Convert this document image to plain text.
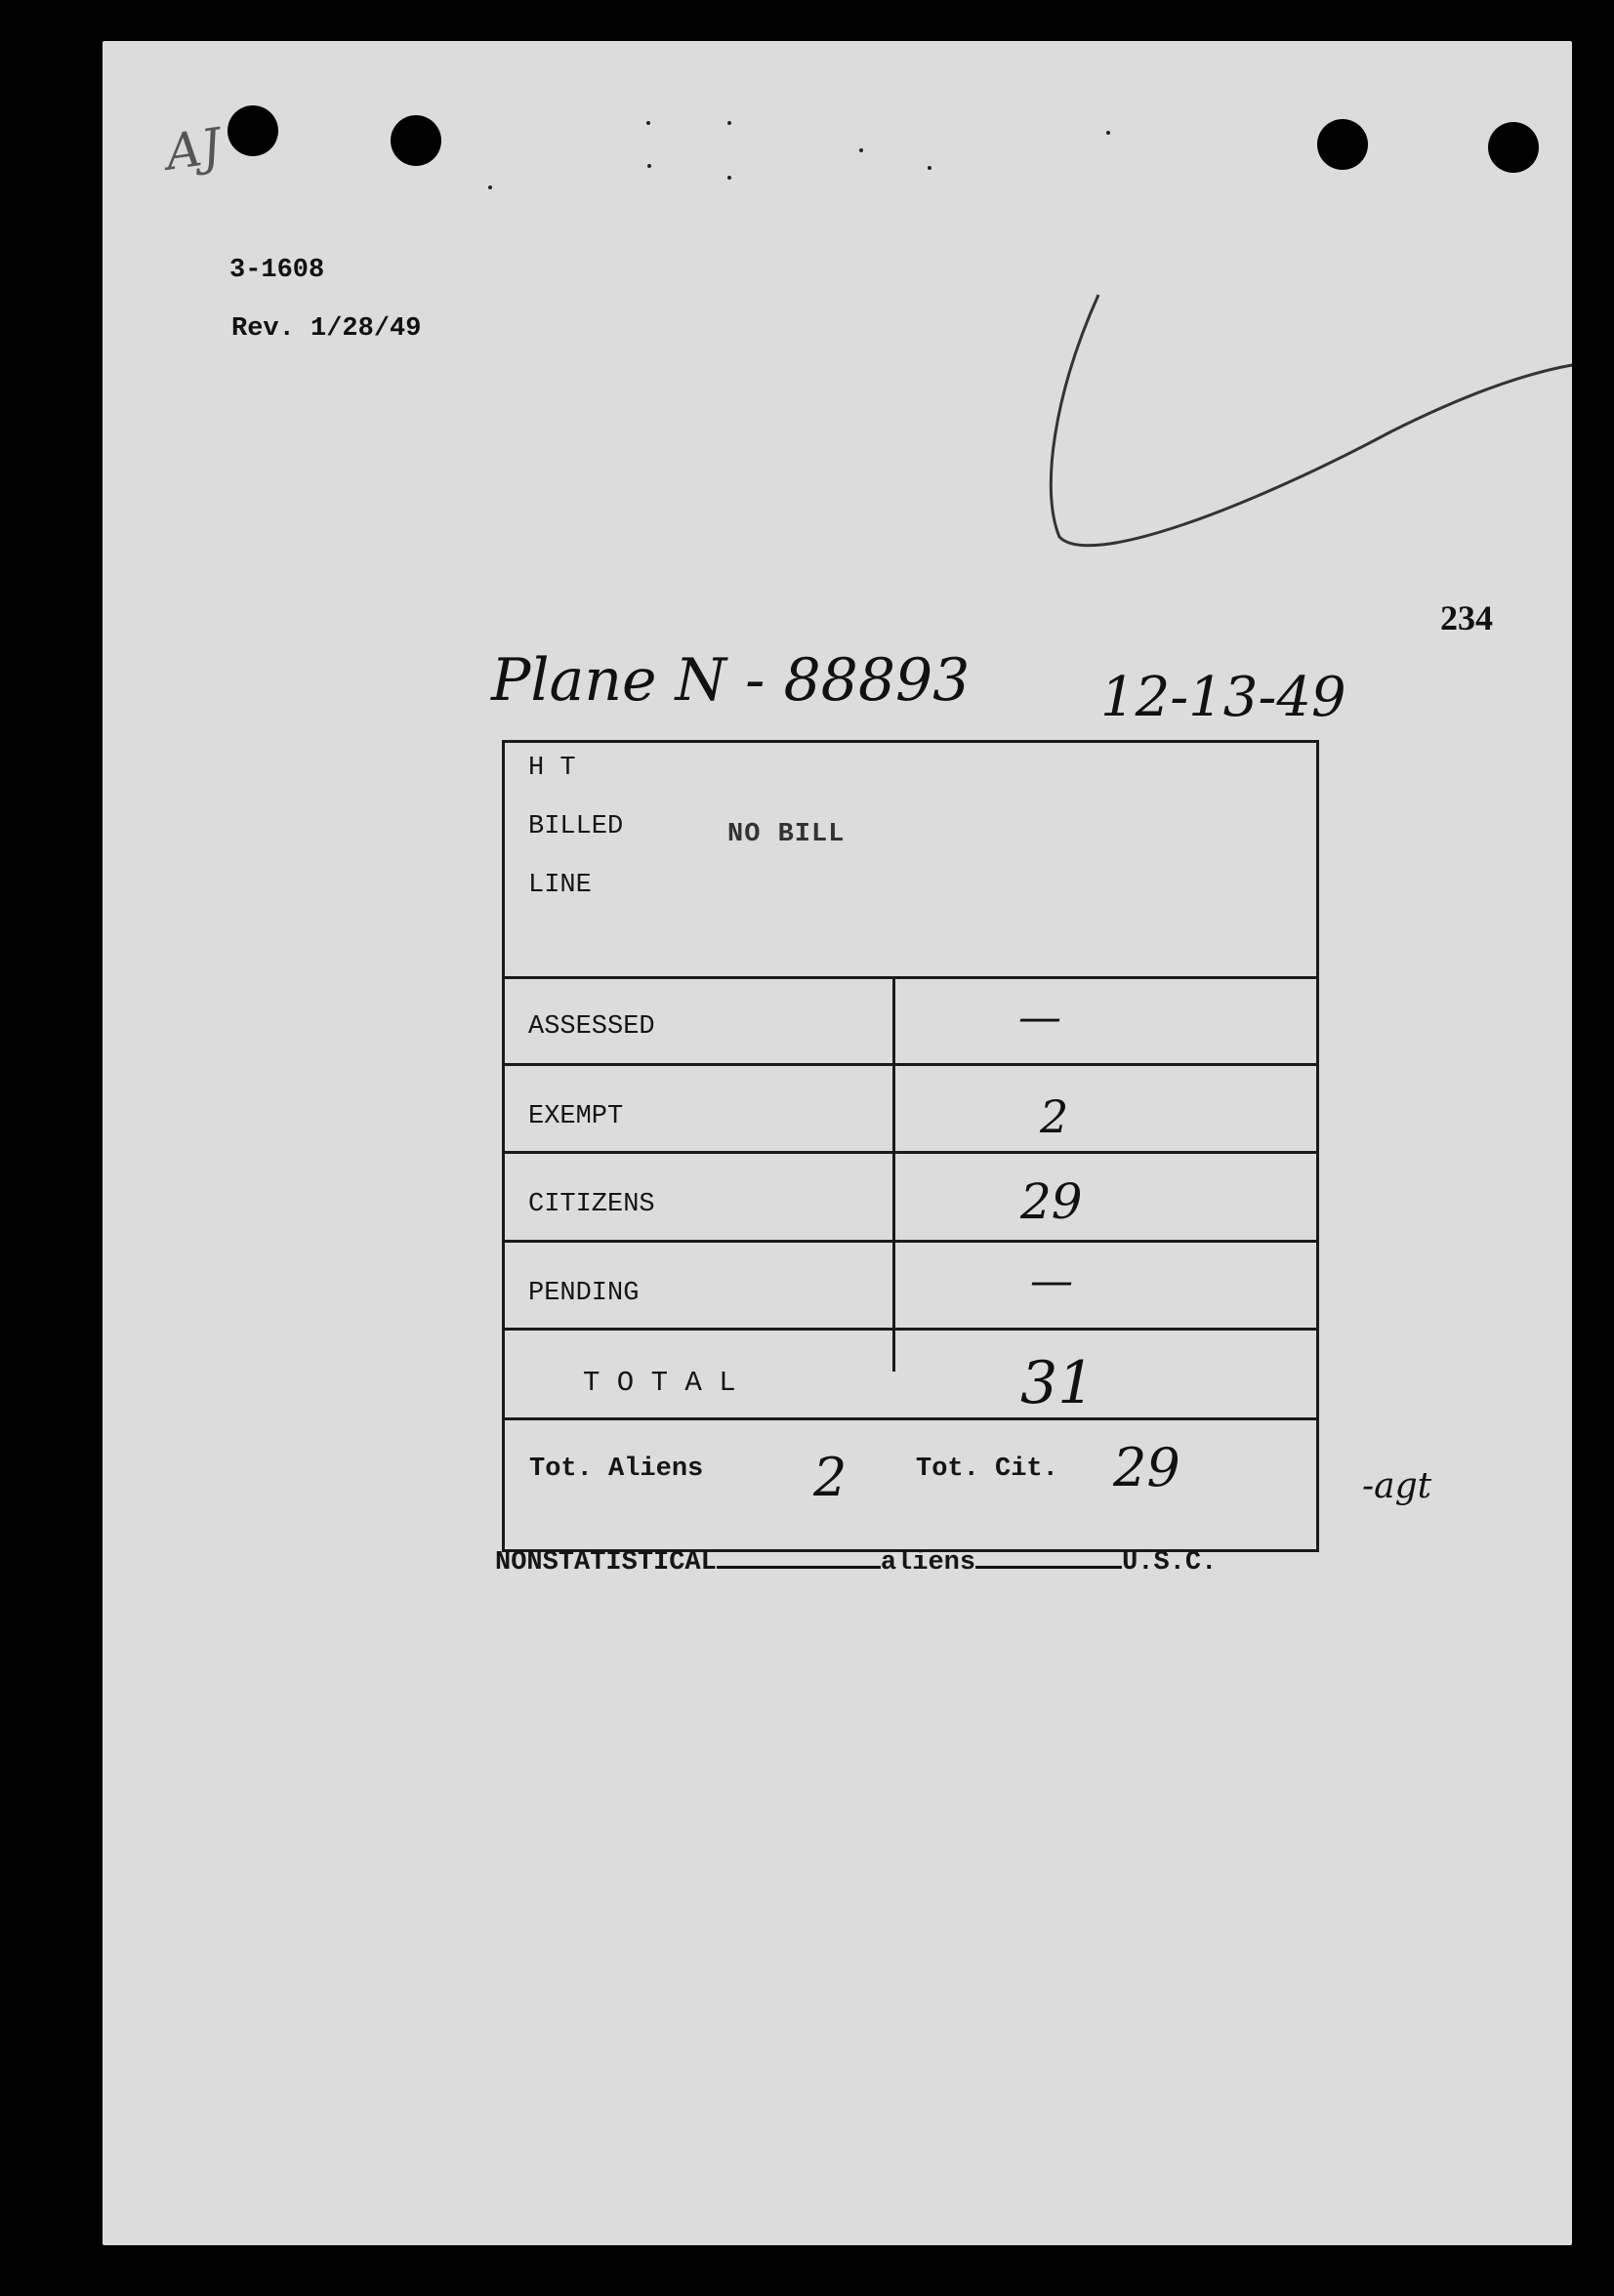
AJ
3-1608
Rev. 1/28/49
234
Plane N - 88893 12-13-49
H T
BILLED	NO BILL
LINE
ASSESSED	—
EXEMPT	2
CITIZENS	29
PENDING	—
T O T A L	31
Tot. Aliens 2	Tot. Cit. 29	-agt
NONSTATISTICAL	aliens	U.S.C.
